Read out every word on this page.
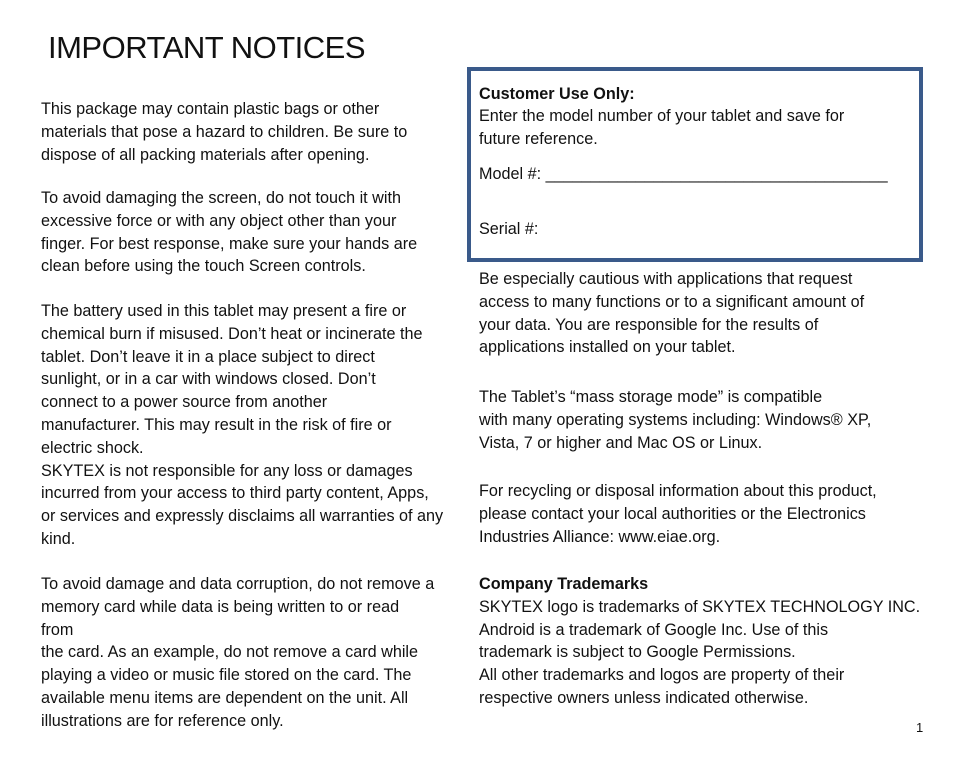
IMPORTANT NOTICES

This package may contain plastic bags or other
materials that pose a hazard to children. Be sure to
dispose of all packing materials after opening.

To avoid damaging the screen, do not touch it with
excessive force or with any object other than your
finger. For best response, make sure your hands are
clean before using the touch Screen controls.

The battery used in this tablet may present a fire or
chemical burn if misused. Don’t heat or incinerate the
tablet. Don’t leave it in a place subject to direct
sunlight, or in a car with windows closed. Don’t
connect to a power source from another
manufacturer. This may result in the risk of fire or
electric shock.
SKYTEX is not responsible for any loss or damages
incurred from your access to third party content, Apps,
or services and expressly disclaims all warranties of any
kind.

To avoid damage and data corruption, do not remove a
memory card while data is being written to or read
from
the card. As an example, do not remove a card while
playing a video or music file stored on the card. The
available menu items are dependent on the unit. All
illustrations are for reference only.

Customer Use Only:
Enter the model number of your tablet and save for
future reference.
Model #: ______________________________________
Serial #:

Be especially cautious with applications that request
access to many functions or to a significant amount of
your data. You are responsible for the results of
applications installed on your tablet.

The Tablet’s “mass storage mode” is compatible
with many operating systems including: Windows® XP,
Vista, 7 or higher and Mac OS or Linux.

For recycling or disposal information about this product,
please contact your local authorities or the Electronics
Industries Alliance: www.eiae.org.

Company Trademarks
SKYTEX logo is trademarks of SKYTEX TECHNOLOGY INC.
Android is a trademark of Google Inc. Use of this
trademark is subject to Google Permissions.
All other trademarks and logos are property of their
respective owners unless indicated otherwise.

1
